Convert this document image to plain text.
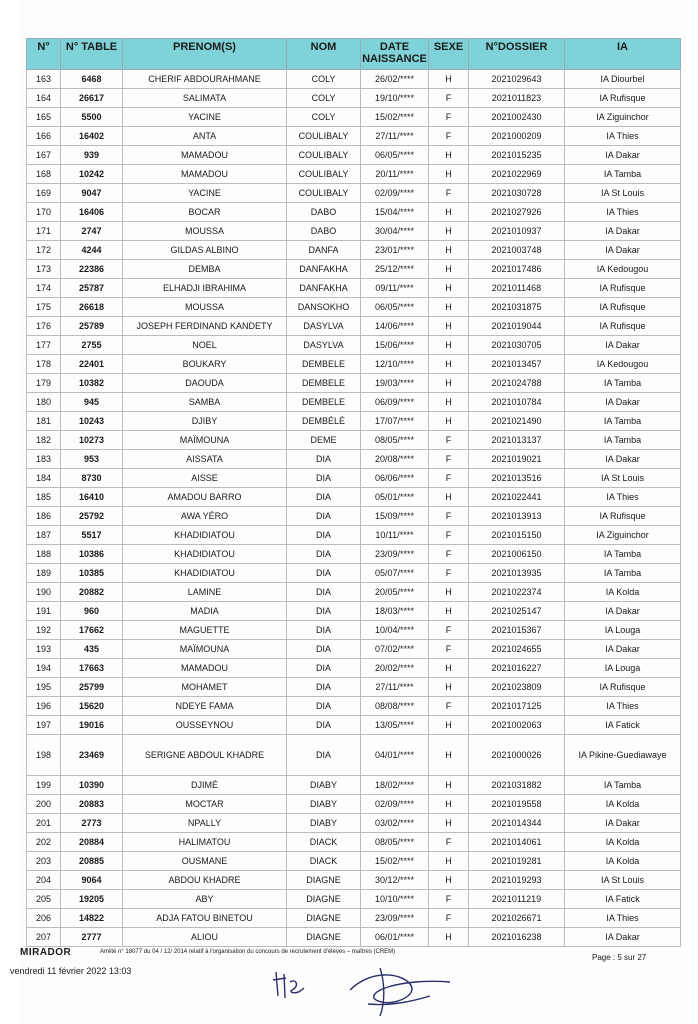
N°	N° TABLE	PRENOM(S)	NOM	DATE NAISSANCE	SEXE	N°DOSSIER	IA
163	6468	CHERIF ABDOURAHMANE	COLY	26/02/****	H	2021029643	IA Diourbel
164	26617	SALIMATA	COLY	19/10/****	F	2021011823	IA Rufisque
165	5500	YACINE	COLY	15/02/****	F	2021002430	IA Ziguinchor
166	16402	ANTA	COULIBALY	27/11/****	F	2021000209	IA Thies
167	939	MAMADOU	COULIBALY	06/05/****	H	2021015235	IA Dakar
168	10242	MAMADOU	COULIBALY	20/11/****	H	2021022969	IA Tamba
169	9047	YACINE	COULIBALY	02/09/****	F	2021030728	IA St Louis
170	16406	BOCAR	DABO	15/04/****	H	2021027926	IA Thies
171	2747	MOUSSA	DABO	30/04/****	H	2021010937	IA Dakar
172	4244	GILDAS ALBINO	DANFA	23/01/****	H	2021003748	IA Dakar
173	22386	DEMBA	DANFAKHA	25/12/****	H	2021017486	IA Kedougou
174	25787	ELHADJI IBRAHIMA	DANFAKHA	09/11/****	H	2021011468	IA Rufisque
175	26618	MOUSSA	DANSOKHO	06/05/****	H	2021031875	IA Rufisque
176	25789	JOSEPH FERDINAND KANDETY	DASYLVA	14/06/****	H	2021019044	IA Rufisque
177	2755	NOEL	DASYLVA	15/06/****	H	2021030705	IA Dakar
178	22401	BOUKARY	DEMBELE	12/10/****	H	2021013457	IA Kedougou
179	10382	DAOUDA	DEMBELE	19/03/****	H	2021024788	IA Tamba
180	945	SAMBA	DEMBELE	06/09/****	H	2021010784	IA Dakar
181	10243	DJIBY	DEMBÉLÉ	17/07/****	H	2021021490	IA Tamba
182	10273	MAÏMOUNA	DEME	08/05/****	F	2021013137	IA Tamba
183	953	AISSATA	DIA	20/08/****	F	2021019021	IA Dakar
184	8730	AISSE	DIA	06/06/****	F	2021013516	IA St Louis
185	16410	AMADOU BARRO	DIA	05/01/****	H	2021022441	IA Thies
186	25792	AWA YÉRO	DIA	15/09/****	F	2021013913	IA Rufisque
187	5517	KHADIDIATOU	DIA	10/11/****	F	2021015150	IA Ziguinchor
188	10386	KHADIDIATOU	DIA	23/09/****	F	2021006150	IA Tamba
189	10385	KHADIDIATOU	DIA	05/07/****	F	2021013935	IA Tamba
190	20882	LAMINE	DIA	20/05/****	H	2021022374	IA Kolda
191	960	MADIA	DIA	18/03/****	H	2021025147	IA Dakar
192	17662	MAGUETTE	DIA	10/04/****	F	2021015367	IA Louga
193	435	MAÏMOUNA	DIA	07/02/****	F	2021024655	IA Dakar
194	17663	MAMADOU	DIA	20/02/****	H	2021016227	IA Louga
195	25799	MOHAMET	DIA	27/11/****	H	2021023809	IA Rufisque
196	15620	NDEYE FAMA	DIA	08/08/****	F	2021017125	IA Thies
197	19016	OUSSEYNOU	DIA	13/05/****	H	2021002063	IA Fatick
198	23469	SERIGNE ABDOUL KHADRE	DIA	04/01/****	H	2021000026	IA Pikine-Guediawaye
199	10390	DJIMÉ	DIABY	18/02/****	H	2021031882	IA Tamba
200	20883	MOCTAR	DIABY	02/09/****	H	2021019558	IA Kolda
201	2773	NPALLY	DIABY	03/02/****	H	2021014344	IA Dakar
202	20884	HALIMATOU	DIACK	08/05/****	F	2021014061	IA Kolda
203	20885	OUSMANE	DIACK	15/02/****	H	2021019281	IA Kolda
204	9064	ABDOU KHADRE	DIAGNE	30/12/****	H	2021019293	IA St Louis
205	19205	ABY	DIAGNE	10/10/****	F	2021011219	IA Fatick
206	14822	ADJA FATOU BINETOU	DIAGNE	23/09/****	F	2021026671	IA Thies
207	2777	ALIOU	DIAGNE	06/01/****	H	2021016238	IA Dakar
MIRADOR	Arrêté n° 18077 du 04 / 12/ 2014 relatif à l'organisation du concours de recrutement d'élèves – maîtres (CREM)
Page : 5 sur 27
vendredi 11 février 2022 13:03
